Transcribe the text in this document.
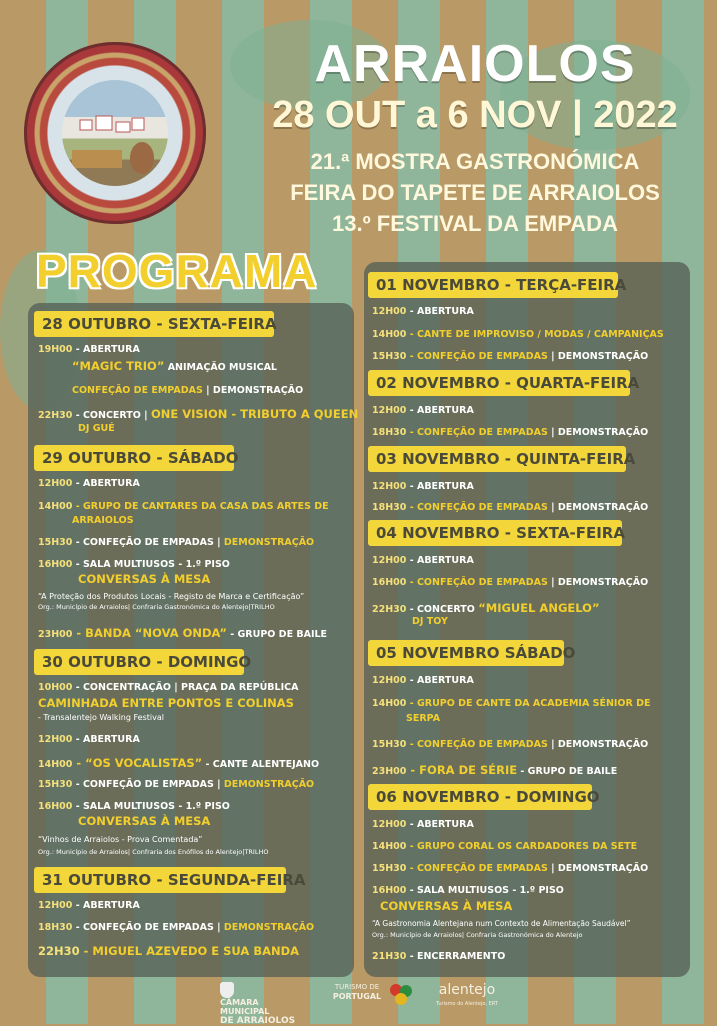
ARRAIOLOS
28 OUT a 6 NOV | 2022
21.ª MOSTRA GASTRONÓMICA
FEIRA DO TAPETE DE ARRAIOLOS
13.º FESTIVAL DA EMPADA
PROGRAMA
28 OUTUBRO - SEXTA-FEIRA
19H00 - ABERTURA
“MAGIC TRIO” ANIMAÇÃO MUSICAL
CONFEÇÃO DE EMPADAS | DEMONSTRAÇÃO
22H30 - CONCERTO | ONE VISION - TRIBUTO A QUEEN
DJ GUÉ
29 OUTUBRO - SÁBADO
12H00 - ABERTURA
14H00 - GRUPO DE CANTARES DA CASA DAS ARTES DE
ARRAIOLOS
15H30 - CONFEÇÃO DE EMPADAS | DEMONSTRAÇÃO
16H00 - SALA MULTIUSOS - 1.º PISO
CONVERSAS À MESA
“A Proteção dos Produtos Locais - Registo de Marca e Certificação”
Org.: Município de Arraiolos| Confraria Gastronómica do Alentejo|TRILHO
23H00 - BANDA “NOVA ONDA” - GRUPO DE BAILE
30 OUTUBRO - DOMINGO
10H00 - CONCENTRAÇÃO | PRAÇA DA REPÚBLICA
CAMINHADA ENTRE PONTOS E COLINAS
- Transalentejo Walking Festival
12H00 - ABERTURA
14H00 - “OS VOCALISTAS” - CANTE ALENTEJANO
15H30 - CONFEÇÃO DE EMPADAS | DEMONSTRAÇÃO
16H00 - SALA MULTIUSOS - 1.º PISO
CONVERSAS À MESA
“Vinhos de Arraiolos - Prova Comentada”
Org.: Município de Arraiolos| Confraria dos Enófilos do Alentejo|TRILHO
31 OUTUBRO - SEGUNDA-FEIRA
12H00 - ABERTURA
18H30 - CONFEÇÃO DE EMPADAS | DEMONSTRAÇÃO
22H30 - MIGUEL AZEVEDO E SUA BANDA
01 NOVEMBRO - TERÇA-FEIRA
12H00 - ABERTURA
14H00 - CANTE DE IMPROVISO / MODAS / CAMPANIÇAS
15H30 - CONFEÇÃO DE EMPADAS | DEMONSTRAÇÃO
02 NOVEMBRO - QUARTA-FEIRA
12H00 - ABERTURA
18H30 - CONFEÇÃO DE EMPADAS | DEMONSTRAÇÃO
03 NOVEMBRO - QUINTA-FEIRA
12H00 - ABERTURA
18H30 - CONFEÇÃO DE EMPADAS | DEMONSTRAÇÃO
04 NOVEMBRO - SEXTA-FEIRA
12H00 - ABERTURA
16H00 - CONFEÇÃO DE EMPADAS | DEMONSTRAÇÃO
22H30 - CONCERTO “MIGUEL ANGELO”
DJ TOY
05 NOVEMBRO SÁBADO
12H00 - ABERTURA
14H00 - GRUPO DE CANTE DA ACADEMIA SÉNIOR DE
SERPA
15H30 - CONFEÇÃO DE EMPADAS | DEMONSTRAÇÃO
23H00 - FORA DE SÉRIE - GRUPO DE BAILE
06 NOVEMBRO - DOMINGO
12H00 - ABERTURA
14H00 - GRUPO CORAL OS CARDADORES DA SETE
15H30 - CONFEÇÃO DE EMPADAS | DEMONSTRAÇÃO
16H00 - SALA MULTIUSOS - 1.º PISO
CONVERSAS À MESA
“A Gastronomia Alentejana num Contexto de Alimentação Saudável”
Org.: Município de Arraiolos| Confraria Gastronómica do Alentejo
21H30 - ENCERRAMENTO
CÂMARA MUNICIPAL
DE ARRAIOLOS
TURISMO DE
PORTUGAL	alentejo
Turismo do Alentejo, ERT
